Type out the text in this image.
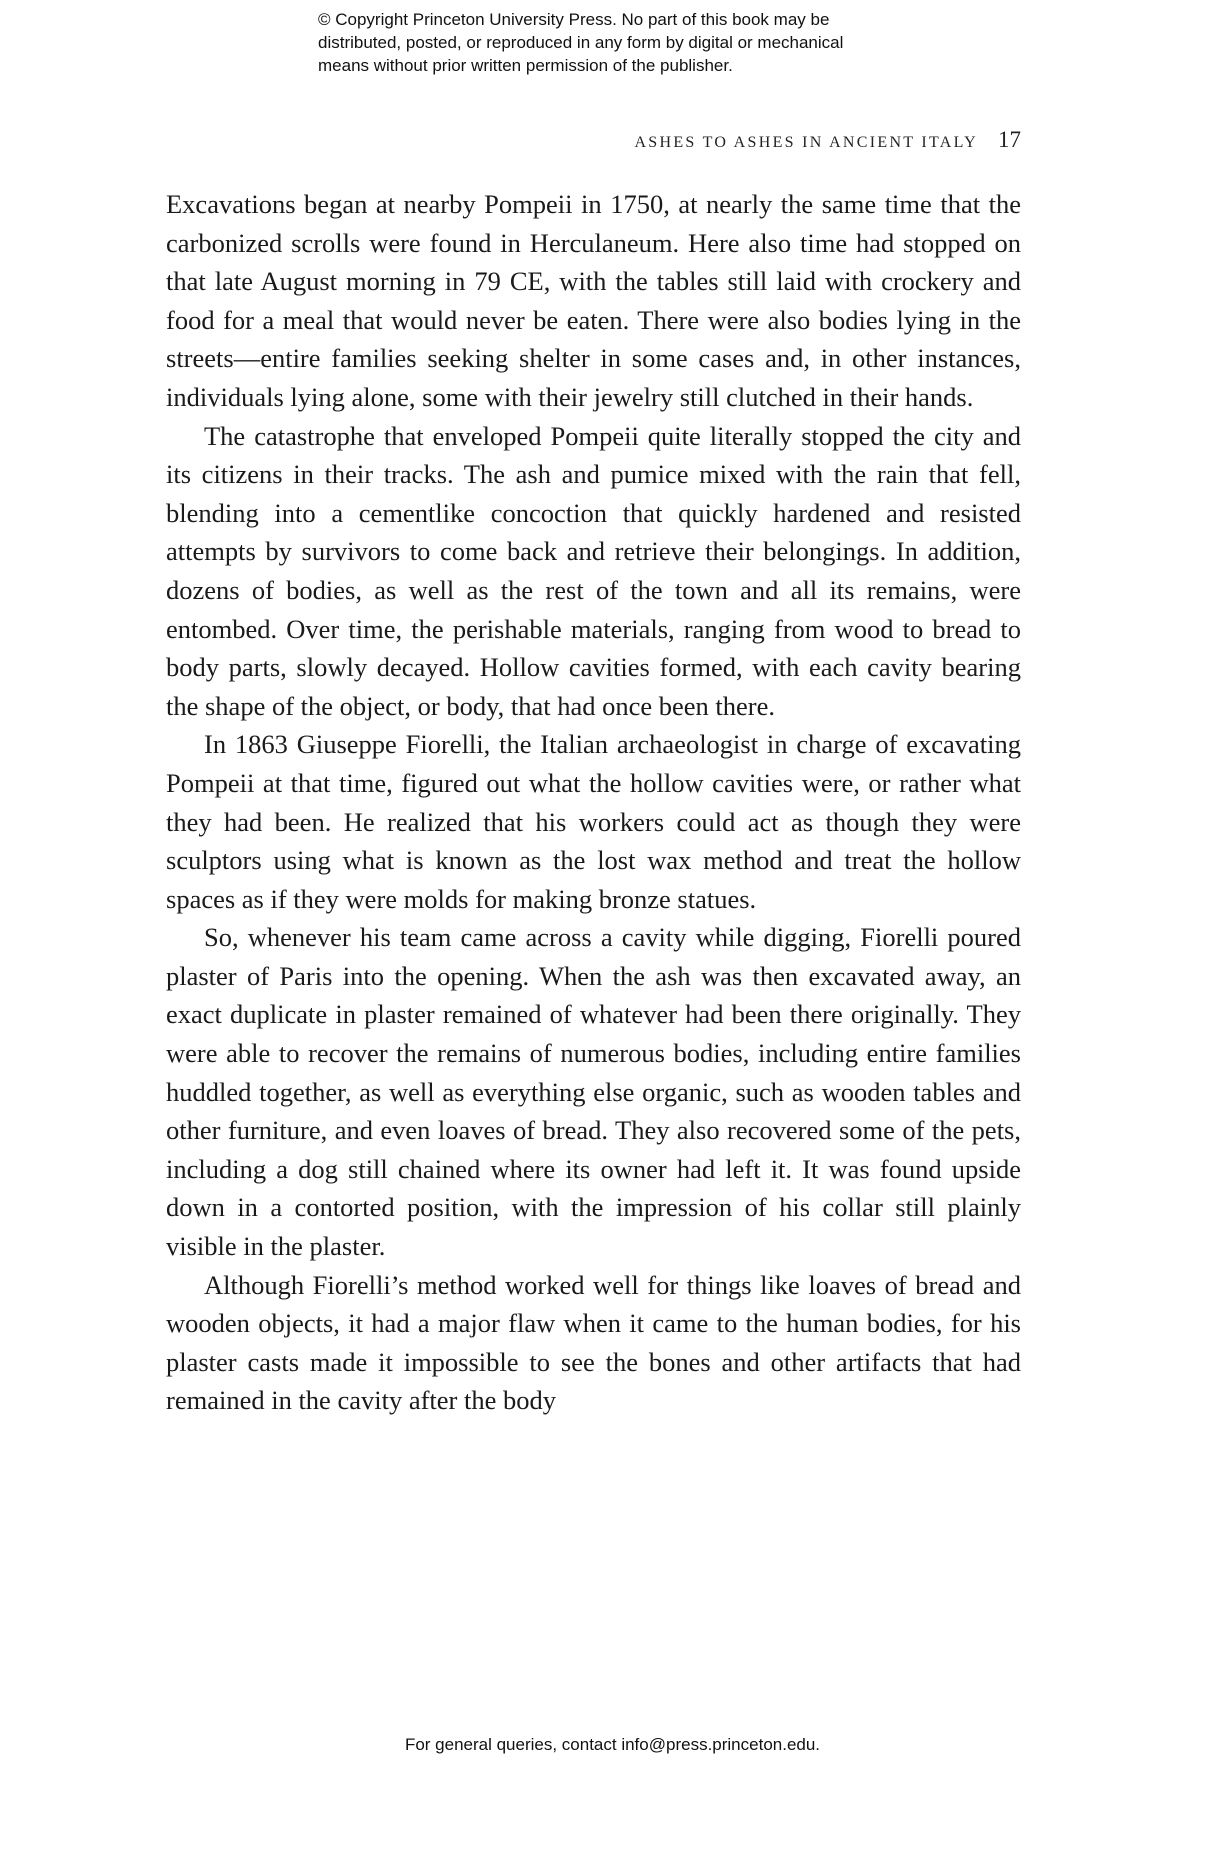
© Copyright Princeton University Press. No part of this book may be
distributed, posted, or reproduced in any form by digital or mechanical
means without prior written permission of the publisher.
ASHES TO ASHES IN ANCIENT ITALY 17

Excavations began at nearby Pompeii in 1750, at nearly the same time that the carbonized scrolls were found in Herculaneum. Here also time had stopped on that late August morning in 79 CE, with the tables still laid with crockery and food for a meal that would never be eaten. There were also bodies lying in the streets—entire families seeking shelter in some cases and, in other instances, individuals lying alone, some with their jewelry still clutched in their hands.

The catastrophe that enveloped Pompeii quite literally stopped the city and its citizens in their tracks. The ash and pumice mixed with the rain that fell, blending into a cementlike concoction that quickly hardened and resisted attempts by survivors to come back and retrieve their belongings. In addition, dozens of bodies, as well as the rest of the town and all its remains, were entombed. Over time, the perishable materials, ranging from wood to bread to body parts, slowly decayed. Hollow cavities formed, with each cavity bearing the shape of the object, or body, that had once been there.

In 1863 Giuseppe Fiorelli, the Italian archaeologist in charge of excavating Pompeii at that time, figured out what the hollow cavities were, or rather what they had been. He realized that his workers could act as though they were sculptors using what is known as the lost wax method and treat the hollow spaces as if they were molds for making bronze statues.

So, whenever his team came across a cavity while digging, Fiorelli poured plaster of Paris into the opening. When the ash was then excavated away, an exact duplicate in plaster remained of whatever had been there originally. They were able to recover the remains of numerous bodies, including entire families huddled together, as well as everything else organic, such as wooden tables and other furniture, and even loaves of bread. They also recovered some of the pets, including a dog still chained where its owner had left it. It was found upside down in a contorted position, with the impression of his collar still plainly visible in the plaster.

Although Fiorelli’s method worked well for things like loaves of bread and wooden objects, it had a major flaw when it came to the human bodies, for his plaster casts made it impossible to see the bones and other artifacts that had remained in the cavity after the body

For general queries, contact info@press.princeton.edu.
